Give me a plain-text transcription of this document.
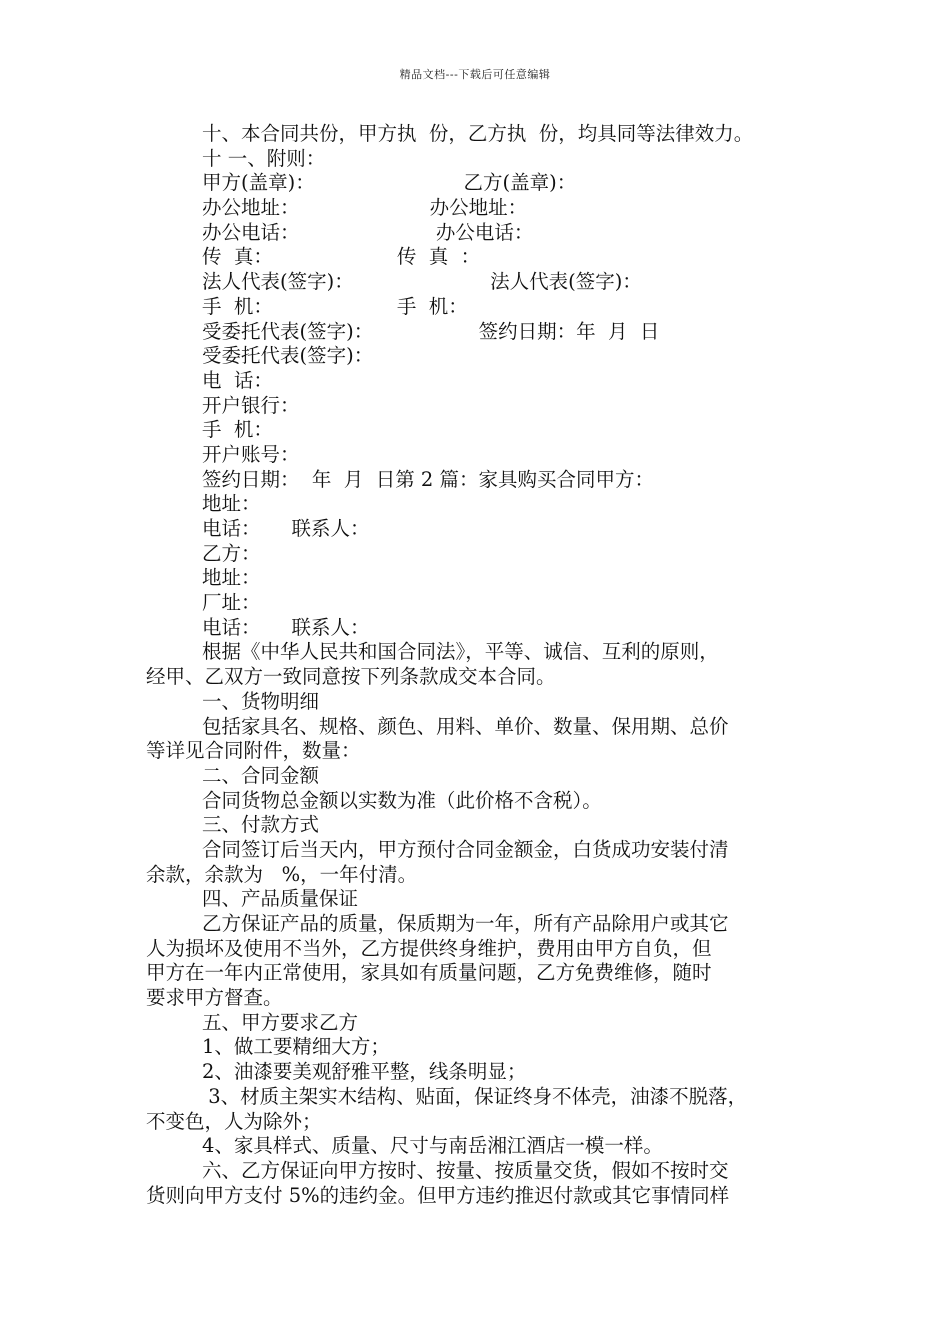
精品文档---下载后可任意编辑
十、本合同共份，甲方执  份，乙方执  份，均具同等法律效力。
十 一、附则：
甲方(盖章)：                        乙方(盖章)：
办公地址：                     办公地址：
办公电话：                      办公电话：
传  真：                    传  真  ：
法人代表(签字)：                      法人代表(签字)：
手  机：                    手  机：
受委托代表(签字)：                 签约日期：年  月  日
受委托代表(签字)：
电  话：
开户银行：
手  机：
开户账号：
签约日期：  年  月  日第 2 篇：家具购买合同甲方：
地址：
电话：     联系人：
乙方：
地址：
厂址：
电话：     联系人：
根据《中华人民共和国合同法》，平等、诚信、互利的原则，
经甲、乙双方一致同意按下列条款成交本合同。
一、货物明细
包括家具名、规格、颜色、用料、单价、数量、保用期、总价
等详见合同附件，数量：
二、合同金额
合同货物总金额以实数为准（此价格不含税）。
三、付款方式
合同签订后当天内，甲方预付合同金额金，白货成功安装付清
余款，余款为   %，一年付清。
四、产品质量保证
乙方保证产品的质量，保质期为一年，所有产品除用户或其它
人为损坏及使用不当外，乙方提供终身维护，费用由甲方自负，但
甲方在一年内正常使用，家具如有质量问题，乙方免费维修，随时
要求甲方督查。
五、甲方要求乙方
1、做工要精细大方；
2、油漆要美观舒雅平整，线条明显；
3、材质主架实木结构、贴面，保证终身不体壳，油漆不脱落，
不变色，人为除外；
4、家具样式、质量、尺寸与南岳湘江酒店一模一样。
六、乙方保证向甲方按时、按量、按质量交货，假如不按时交
货则向甲方支付 5%的违约金。但甲方违约推迟付款或其它事情同样
